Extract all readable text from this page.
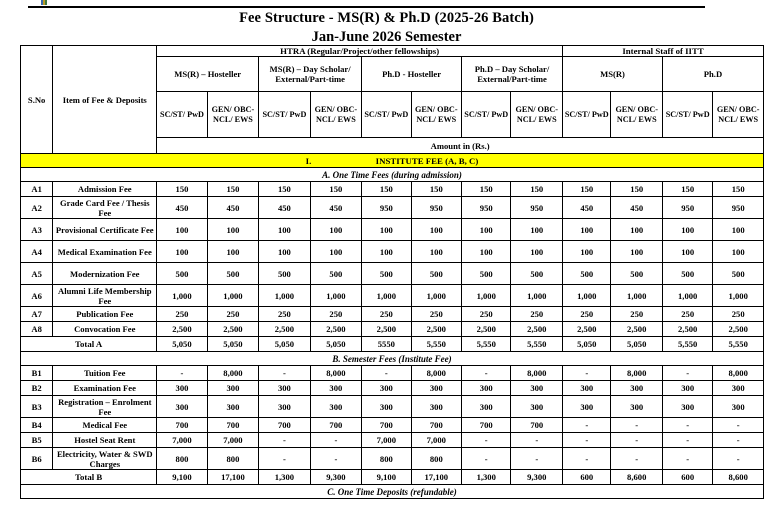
Fee Structure - MS(R) & Ph.D (2025-26 Batch)
Jan-June 2026 Semester
S.No	Item of Fee & Deposits	HTRA (Regular/Project/other fellowships)								Internal Staff of IITT			
		MS(R) – Hosteller		MS(R) – Day Scholar/ External/Part-time		Ph.D - Hosteller		Ph.D – Day Scholar/ External/Part-time		MS(R)		Ph.D	
		SC/ST/ PwD	GEN/ OBC-NCL/ EWS	SC/ST/ PwD	GEN/ OBC-NCL/ EWS	SC/ST/ PwD	GEN/ OBC-NCL/ EWS	SC/ST/ PwD	GEN/ OBC-NCL/ EWS	SC/ST/ PwD	GEN/ OBC-NCL/ EWS	SC/ST/ PwD	GEN/ OBC-NCL/ EWS
		Amount in (Rs.)											
I. INSTITUTE FEE (A, B, C)													
A. One Time Fees (during admission)													
A1	Admission Fee	150	150	150	150	150	150	150	150	150	150	150	150
A2	Grade Card Fee / Thesis Fee	450	450	450	450	950	950	950	950	450	450	950	950
A3	Provisional Certificate Fee	100	100	100	100	100	100	100	100	100	100	100	100
A4	Medical Examination Fee	100	100	100	100	100	100	100	100	100	100	100	100
A5	Modernization Fee	500	500	500	500	500	500	500	500	500	500	500	500
A6	Alumni Life Membership Fee	1,000	1,000	1,000	1,000	1,000	1,000	1,000	1,000	1,000	1,000	1,000	1,000
A7	Publication Fee	250	250	250	250	250	250	250	250	250	250	250	250
A8	Convocation Fee	2,500	2,500	2,500	2,500	2,500	2,500	2,500	2,500	2,500	2,500	2,500	2,500
Total A		5,050	5,050	5,050	5,050	5550	5,550	5,550	5,550	5,050	5,050	5,550	5,550
B. Semester Fees (Institute Fee)													
B1	Tuition Fee	-	8,000	-	8,000	-	8,000	-	8,000	-	8,000	-	8,000
B2	Examination Fee	300	300	300	300	300	300	300	300	300	300	300	300
B3	Registration – Enrolment Fee	300	300	300	300	300	300	300	300	300	300	300	300
B4	Medical Fee	700	700	700	700	700	700	700	700	-	-	-	-
B5	Hostel Seat Rent	7,000	7,000	-	-	7,000	7,000	-	-	-	-	-	-
B6	Electricity, Water & SWD Charges	800	800	-	-	800	800	-	-	-	-	-	-
Total B		9,100	17,100	1,300	9,300	9,100	17,100	1,300	9,300	600	8,600	600	8,600
C. One Time Deposits (refundable)													
